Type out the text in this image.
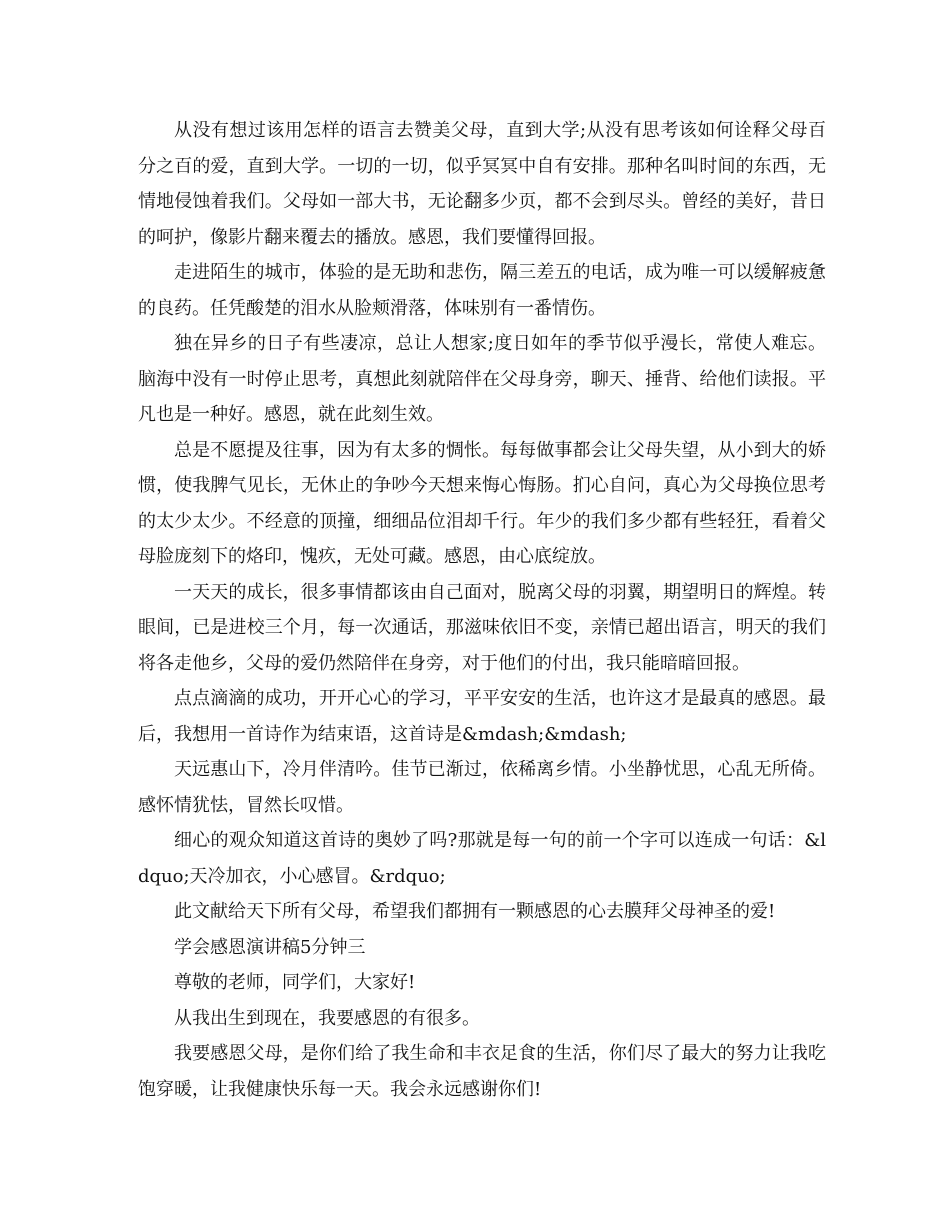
从没有想过该用怎样的语言去赞美父母，直到大学;从没有思考该如何诠释父母百分之百的爱，直到大学。一切的一切，似乎冥冥中自有安排。那种名叫时间的东西，无情地侵蚀着我们。父母如一部大书，无论翻多少页，都不会到尽头。曾经的美好，昔日的呵护，像影片翻来覆去的播放。感恩，我们要懂得回报。

走进陌生的城市，体验的是无助和悲伤，隔三差五的电话，成为唯一可以缓解疲惫的良药。任凭酸楚的泪水从脸颊滑落，体味别有一番情伤。

独在异乡的日子有些凄凉，总让人想家;度日如年的季节似乎漫长，常使人难忘。脑海中没有一时停止思考，真想此刻就陪伴在父母身旁，聊天、捶背、给他们读报。平凡也是一种好。感恩，就在此刻生效。

总是不愿提及往事，因为有太多的惆怅。每每做事都会让父母失望，从小到大的娇惯，使我脾气见长，无休止的争吵今天想来悔心悔肠。扪心自问，真心为父母换位思考的太少太少。不经意的顶撞，细细品位泪却千行。年少的我们多少都有些轻狂，看着父母脸庞刻下的烙印，愧疚，无处可藏。感恩，由心底绽放。

一天天的成长，很多事情都该由自己面对，脱离父母的羽翼，期望明日的辉煌。转眼间，已是进校三个月，每一次通话，那滋味依旧不变，亲情已超出语言，明天的我们将各走他乡，父母的爱仍然陪伴在身旁，对于他们的付出，我只能暗暗回报。

点点滴滴的成功，开开心心的学习，平平安安的生活，也许这才是最真的感恩。最后，我想用一首诗作为结束语，这首诗是&mdash;&mdash;

天远惠山下，冷月伴清吟。佳节已渐过，依稀离乡情。小坐静忧思，心乱无所倚。 感怀情犹怯，冒然长叹惜。

细心的观众知道这首诗的奥妙了吗?那就是每一句的前一个字可以连成一句话：&ldquo;天冷加衣，小心感冒。&rdquo;

此文献给天下所有父母，希望我们都拥有一颗感恩的心去膜拜父母神圣的爱!

学会感恩演讲稿5分钟三

尊敬的老师，同学们，大家好!

从我出生到现在，我要感恩的有很多。

我要感恩父母，是你们给了我生命和丰衣足食的生活，你们尽了最大的努力让我吃饱穿暖，让我健康快乐每一天。我会永远感谢你们!
